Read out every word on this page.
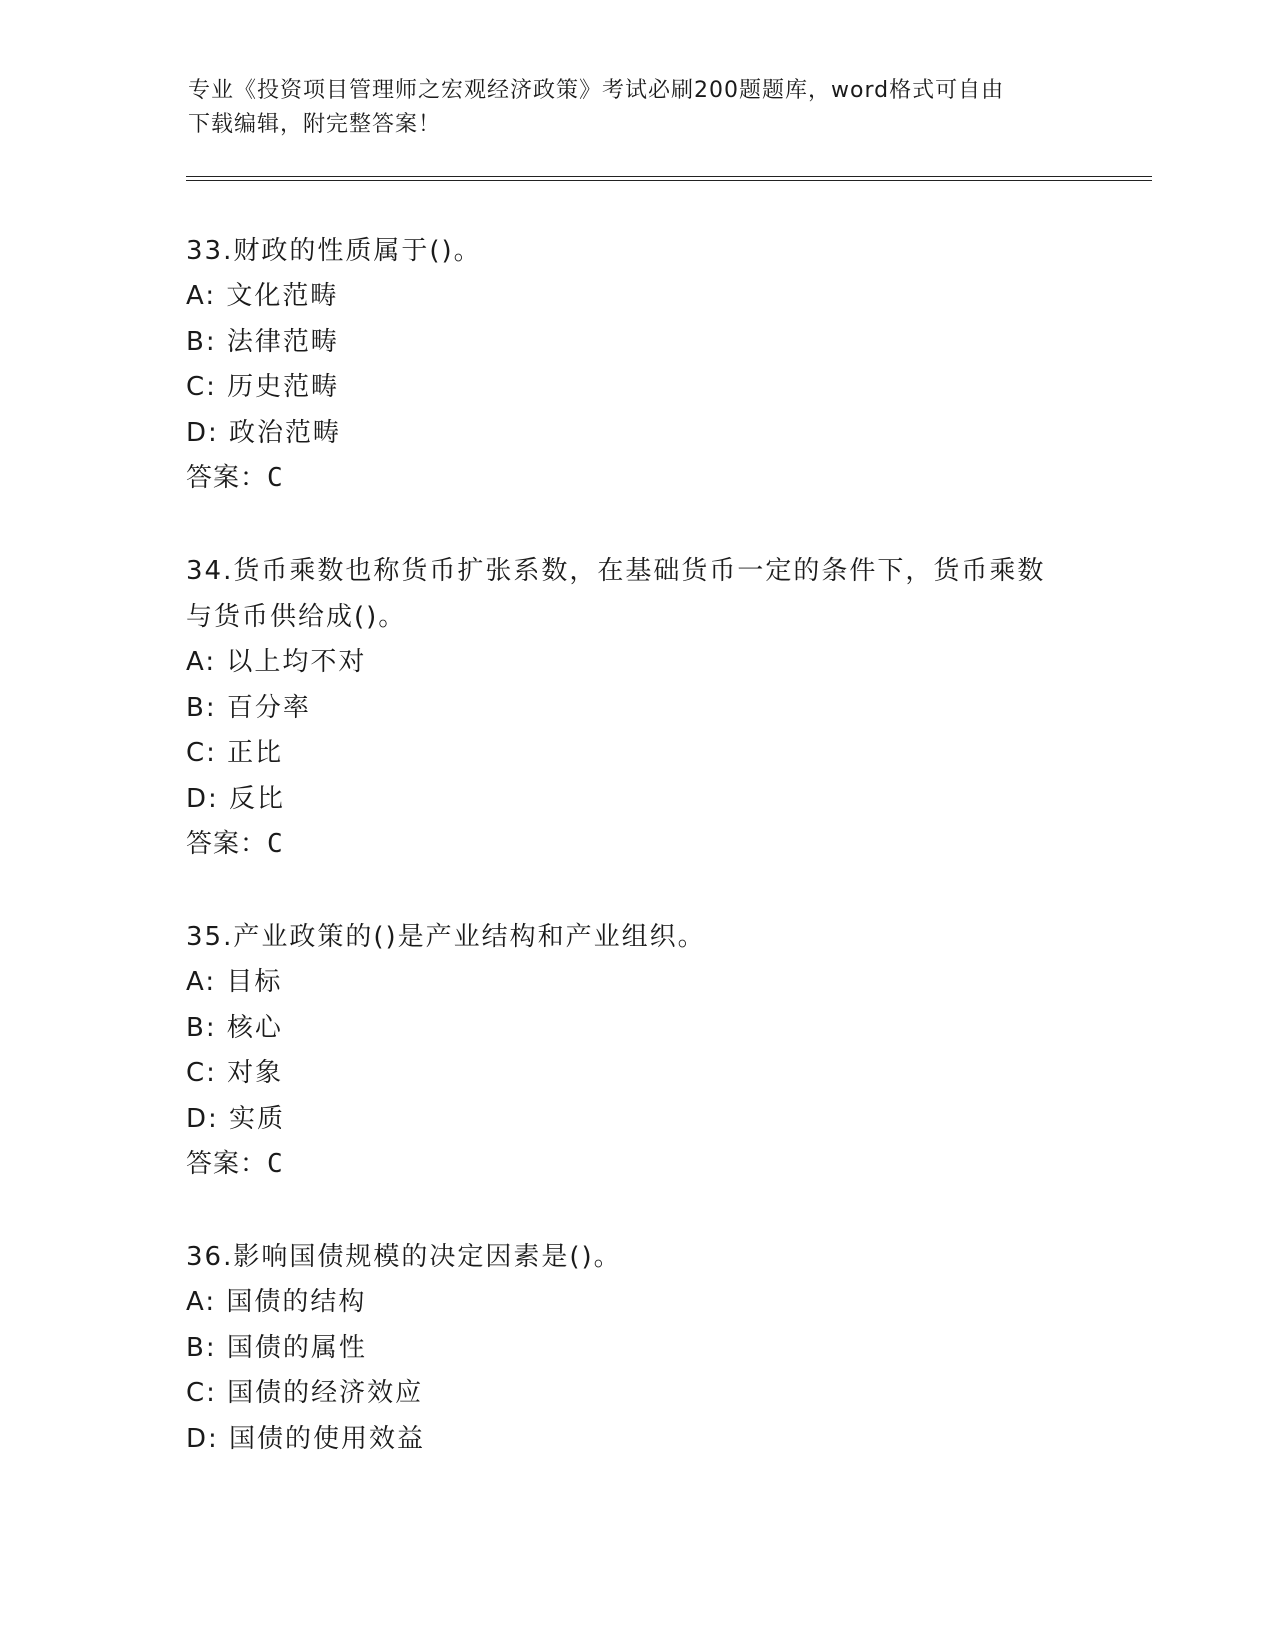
专业《投资项目管理师之宏观经济政策》考试必刷200题题库，word格式可自由
下载编辑，附完整答案！
33.财政的性质属于()。
A: 文化范畴
B: 法律范畴
C: 历史范畴
D: 政治范畴
答案：C
34.货币乘数也称货币扩张系数，在基础货币一定的条件下，货币乘数
与货币供给成()。
A: 以上均不对
B: 百分率
C: 正比
D: 反比
答案：C
35.产业政策的()是产业结构和产业组织。
A: 目标
B: 核心
C: 对象
D: 实质
答案：C
36.影响国债规模的决定因素是()。
A: 国债的结构
B: 国债的属性
C: 国债的经济效应
D: 国债的使用效益
